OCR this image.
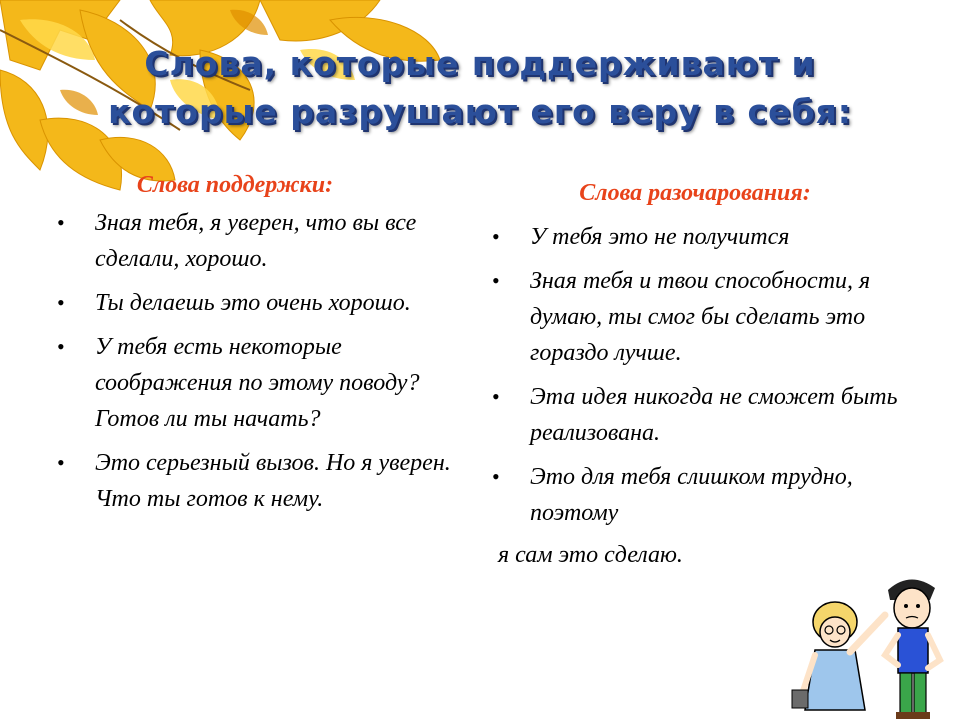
Слова, которые поддерживают и
которые разрушают его веру в себя:
Слова поддержки:
• Зная тебя, я уверен, что вы все сделали, хорошо.
• Ты делаешь это очень хорошо.
• У тебя есть некоторые соображения по этому поводу? Готов ли ты начать?
• Это серьезный вызов. Но я уверен. Что ты готов к нему.
Слова разочарования:
• У тебя это не получится
• Зная тебя и твои способности, я думаю, ты смог бы сделать это гораздо лучше.
• Эта идея никогда не сможет быть реализована.
• Это для тебя слишком трудно, поэтому
я сам это сделаю.
